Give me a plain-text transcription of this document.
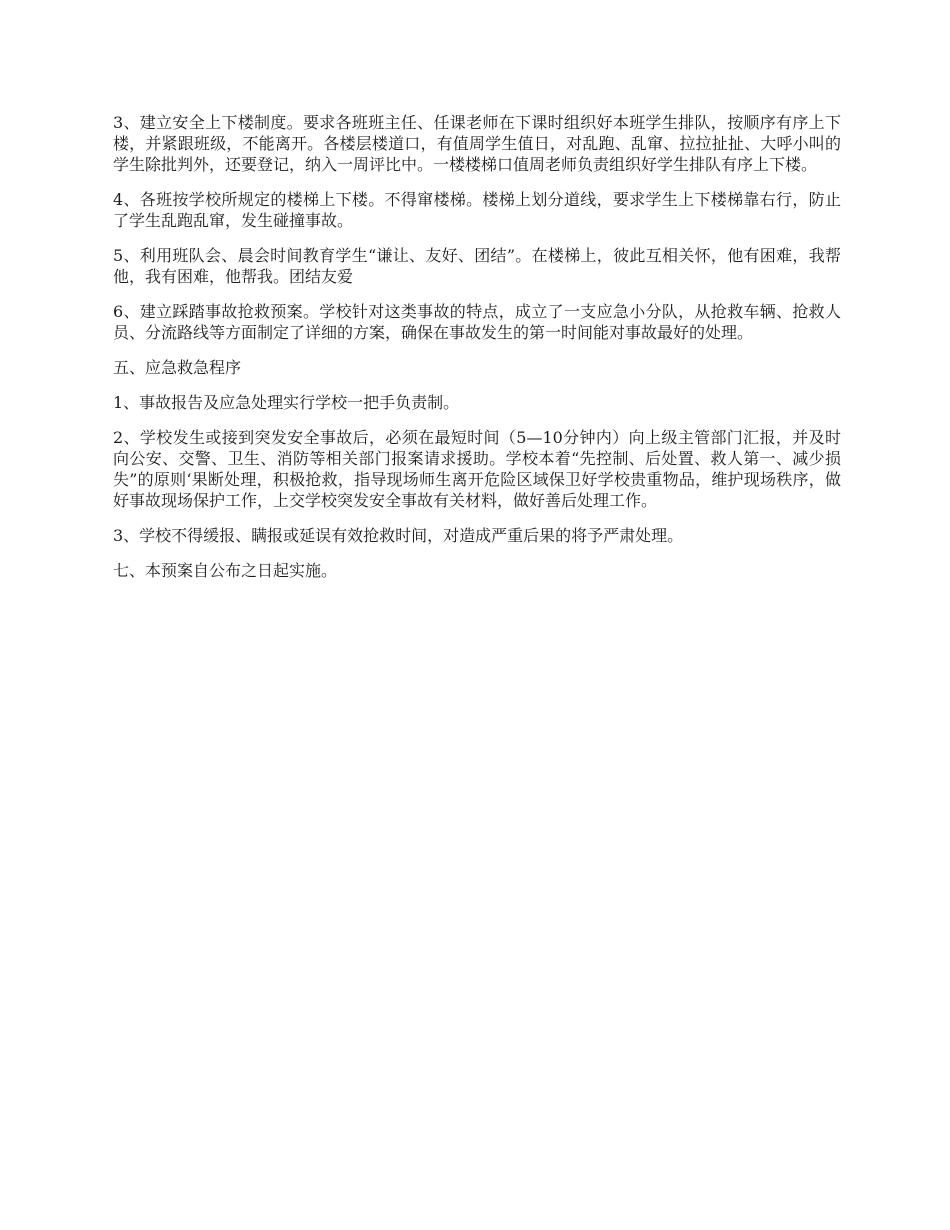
3、建立安全上下楼制度。要求各班班主任、任课老师在下课时组织好本班学生排队，按顺序有序上下楼，并紧跟班级，不能离开。各楼层楼道口，有值周学生值日，对乱跑、乱窜、拉拉扯扯、大呼小叫的学生除批判外，还要登记，纳入一周评比中。一楼楼梯口值周老师负责组织好学生排队有序上下楼。

4、各班按学校所规定的楼梯上下楼。不得窜楼梯。楼梯上划分道线，要求学生上下楼梯靠右行，防止了学生乱跑乱窜，发生碰撞事故。

5、利用班队会、晨会时间教育学生“谦让、友好、团结”。在楼梯上，彼此互相关怀，他有困难，我帮他，我有困难，他帮我。团结友爱

6、建立踩踏事故抢救预案。学校针对这类事故的特点，成立了一支应急小分队，从抢救车辆、抢救人员、分流路线等方面制定了详细的方案，确保在事故发生的第一时间能对事故最好的处理。

五、应急救急程序

1、事故报告及应急处理实行学校一把手负责制。

2、学校发生或接到突发安全事故后，必须在最短时间（5—10分钟内）向上级主管部门汇报，并及时向公安、交警、卫生、消防等相关部门报案请求援助。学校本着“先控制、后处置、救人第一、减少损失”的原则‘果断处理，积极抢救，指导现场师生离开危险区域保卫好学校贵重物品，维护现场秩序，做好事故现场保护工作，上交学校突发安全事故有关材料，做好善后处理工作。

3、学校不得缓报、瞒报或延误有效抢救时间，对造成严重后果的将予严肃处理。

七、本预案自公布之日起实施。
